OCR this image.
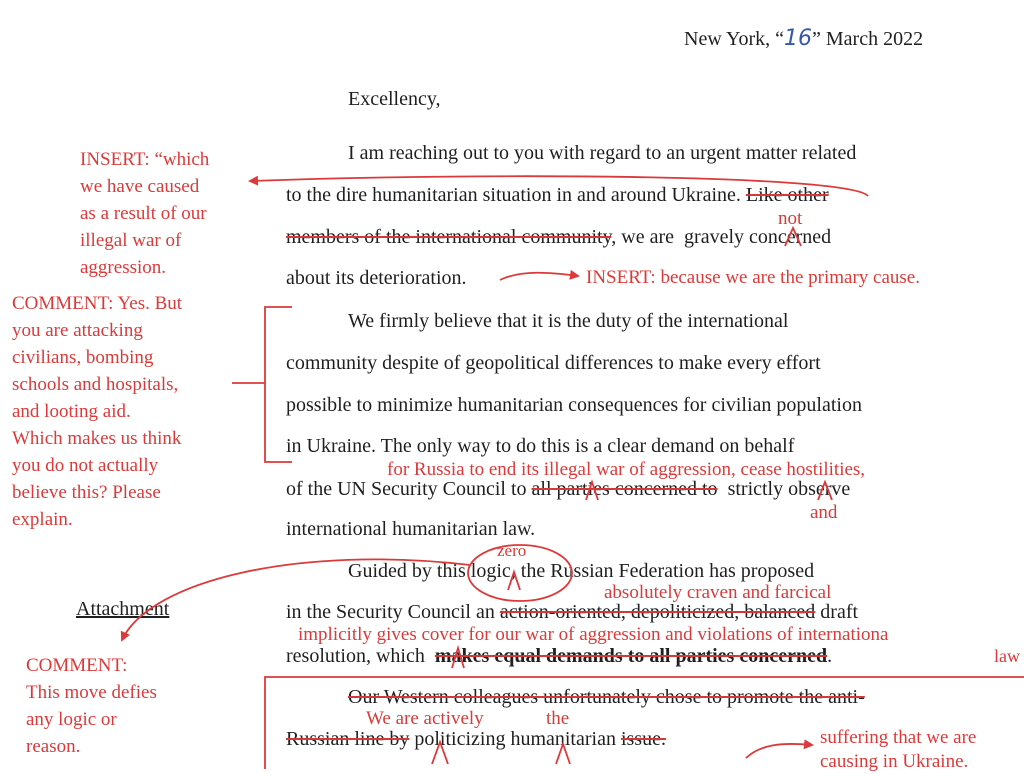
New York, “16” March 2022
Excellency,
I am reaching out to you with regard to an urgent matter related
to the dire humanitarian situation in and around Ukraine. Like other
members of the international community, we are gravely concerned
about its deterioration.
We firmly believe that it is the duty of the international
community despite of geopolitical differences to make every effort
possible to minimize humanitarian consequences for civilian population
in Ukraine. The only way to do this is a clear demand on behalf
of the UN Security Council to all parties concerned to strictly observe
international humanitarian law.
Guided by this logic, the Russian Federation has proposed
in the Security Council an action-oriented, depoliticized, balanced draft
resolution, which makes equal demands to all parties concerned.
Attachment
Our Western colleagues unfortunately chose to promote the anti-
Russian line by politicizing humanitarian issue.
INSERT: “which
we have caused
as a result of our
illegal war of
aggression.
not
INSERT: because we are the primary cause.
COMMENT: Yes. But
you are attacking
civilians, bombing
schools and hospitals,
and looting aid.
Which makes us think
you do not actually
believe this? Please
explain.
for Russia to end its illegal war of aggression, cease hostilities,
and
zero
absolutely craven and farcical
implicitly gives cover for our war of aggression and violations of internationa
law
COMMENT:
This move defies
any logic or
reason.
We are actively	the
suffering that we are
causing in Ukraine.
